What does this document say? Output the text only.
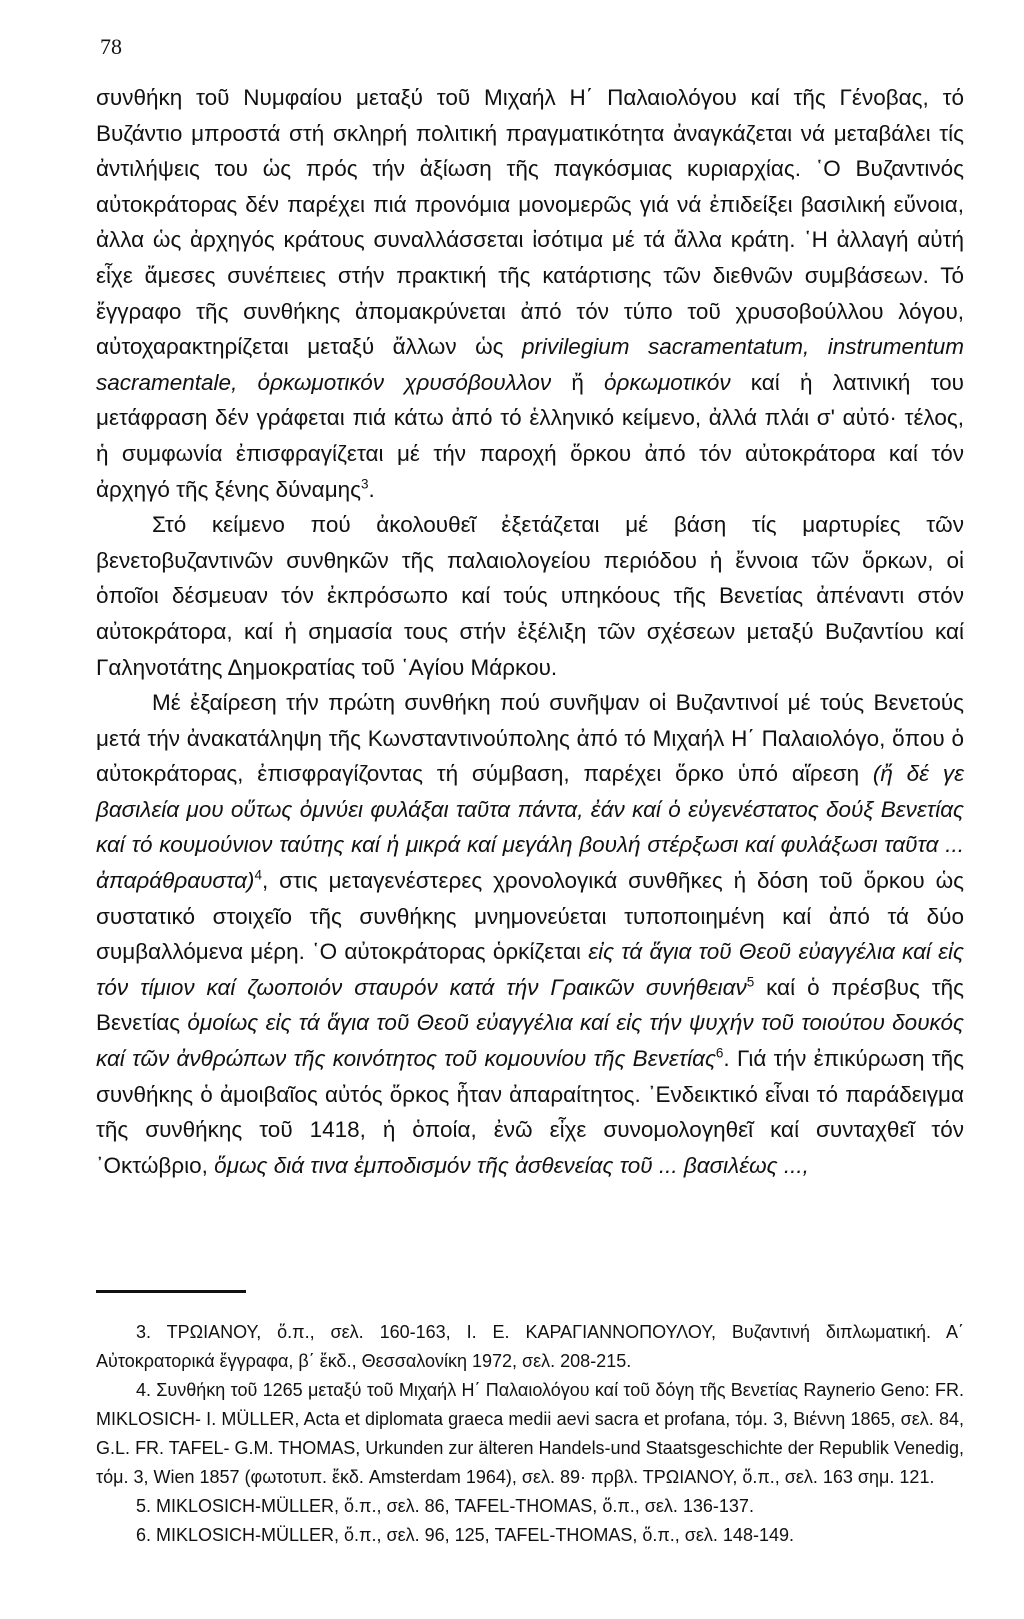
78

συνθήκη τοῦ Νυμφαίου μεταξύ τοῦ Μιχαήλ Η΄ Παλαιολόγου καί τῆς Γένοβας, τό Βυζάντιο μπροστά στή σκληρή πολιτική πραγματικότητα ἀναγκάζεται νά μεταβάλει τίς ἀντιλήψεις του ὡς πρός τήν ἀξίωση τῆς παγκόσμιας κυριαρχίας. ῾Ο Βυζαντινός αὐτοκράτορας δέν παρέχει πιά προνόμια μονομερῶς γιά νά ἐπιδείξει βασιλική εὔνοια, ἀλλα ὡς ἀρχηγός κράτους συναλλάσσεται ἰσότιμα μέ τά ἄλλα κράτη. ῾Η ἀλλαγή αὐτή εἶχε ἄμεσες συνέπειες στήν πρακτική τῆς κατάρτισης τῶν διεθνῶν συμβάσεων. Τό ἔγγραφο τῆς συνθήκης ἀπομακρύνεται ἀπό τόν τύπο τοῦ χρυσοβούλλου λόγου, αὐτοχαρακτηρίζεται μεταξύ ἄλλων ὡς privilegium sacramentatum, instrumentum sacramentale, ὁρκωμοτικόν χρυσόβουλλον ἤ ὁρκωμοτικόν καί ἡ λατινική του μετάφραση δέν γράφεται πιά κάτω ἀπό τό ἑλληνικό κείμενο, ἀλλά πλάι σ' αὐτό· τέλος, ἡ συμφωνία ἐπισφραγίζεται μέ τήν παροχή ὅρκου ἀπό τόν αὐτοκράτορα καί τόν ἀρχηγό τῆς ξένης δύναμης$^3$.

Στό κείμενο πού ἀκολουθεῖ ἐξετάζεται μέ βάση τίς μαρτυρίες τῶν βενετοβυζαντινῶν συνθηκῶν τῆς παλαιολογείου περιόδου ἡ ἔννοια τῶν ὅρκων, οἱ ὁποῖοι δέσμευαν τόν ἐκπρόσωπο καί τούς υπηκόους τῆς Βενετίας ἀπέναντι στόν αὐτοκράτορα, καί ἡ σημασία τους στήν ἐξέλιξη τῶν σχέσεων μεταξύ Βυζαντίου καί Γαληνοτάτης Δημοκρατίας τοῦ ῾Αγίου Μάρκου.

Μέ ἐξαίρεση τήν πρώτη συνθήκη πού συνῆψαν οἱ Βυζαντινοί μέ τούς Βενετούς μετά τήν ἀνακατάληψη τῆς Κωνσταντινούπολης ἀπό τό Μιχαήλ Η΄ Παλαιολόγο, ὅπου ὁ αὐτοκράτορας, ἐπισφραγίζοντας τή σύμβαση, παρέχει ὅρκο ὑπό αἵρεση (ἤ δέ γε βασιλεία μου οὕτως ὀμνύει φυλάξαι ταῦτα πάντα, ἐάν καί ὁ εὐγενέστατος δούξ Βενετίας καί τό κουμούνιον ταύτης καί ἡ μικρά καί μεγάλη βουλή στέρξωσι καί φυλάξωσι ταῦτα ... ἀπαράθραυστα)$^4$, στις μεταγενέστερες χρονολογικά συνθῆκες ἡ δόση τοῦ ὅρκου ὡς συστατικό στοιχεῖο τῆς συνθήκης μνημονεύεται τυποποιημένη καί ἀπό τά δύο συμβαλλόμενα μέρη. ῾Ο αὐτοκράτορας ὁρκίζεται εἰς τά ἅγια τοῦ Θεοῦ εὐαγγέλια καί εἰς τόν τίμιον καί ζωοποιόν σταυρόν κατά τήν Γραικῶν συνήθειαν$^5$ καί ὁ πρέσβυς τῆς Βενετίας ὁμοίως εἰς τά ἅγια τοῦ Θεοῦ εὐαγγέλια καί εἰς τήν ψυχήν τοῦ τοιούτου δουκός καί τῶν ἀνθρώπων τῆς κοινότητος τοῦ κομουνίου τῆς Βενετίας$^6$. Γιά τήν ἐπικύρωση τῆς συνθήκης ὁ ἀμοιβαῖος αὐτός ὅρκος ἦταν ἀπαραίτητος. ᾿Ενδεικτικό εἶναι τό παράδειγμα τῆς συνθήκης τοῦ 1418, ἡ ὁποία, ἐνῶ εἶχε συνομολογηθεῖ καί συνταχθεῖ τόν ᾿Οκτώβριο, ὅμως διά τινα ἐμποδισμόν τῆς ἀσθενείας τοῦ ... βασιλέως ...,

3. ΤΡΩΙΑΝΟΥ, ὅ.π., σελ. 160-163, Ι. Ε. ΚΑΡΑΓΙΑΝΝΟΠΟΥΛΟΥ, Βυζαντινή διπλωματική. Α΄ Αὐτοκρατορικά ἔγγραφα, β΄ ἔκδ., Θεσσαλονίκη 1972, σελ. 208-215.

4. Συνθήκη τοῦ 1265 μεταξύ τοῦ Μιχαήλ Η΄ Παλαιολόγου καί τοῦ δόγη τῆς Βενετίας Raynerio Geno: FR. MIKLOSICH- I. MÜLLER, Acta et diplomata graeca medii aevi sacra et profana, τόμ. 3, Βιέννη 1865, σελ. 84, G.L. FR. TAFEL- G.M. THOMAS, Urkunden zur älteren Handels-und Staatsgeschichte der Republik Venedig, τόμ. 3, Wien 1857 (φωτοτυπ. ἔκδ. Amsterdam 1964), σελ. 89· πρβλ. ΤΡΩΙΑΝΟΥ, ὅ.π., σελ. 163 σημ. 121.

5. MIKLOSICH-MÜLLER, ὅ.π., σελ. 86, TAFEL-THOMAS, ὅ.π., σελ. 136-137.

6. MIKLOSICH-MÜLLER, ὅ.π., σελ. 96, 125, TAFEL-THOMAS, ὅ.π., σελ. 148-149.
